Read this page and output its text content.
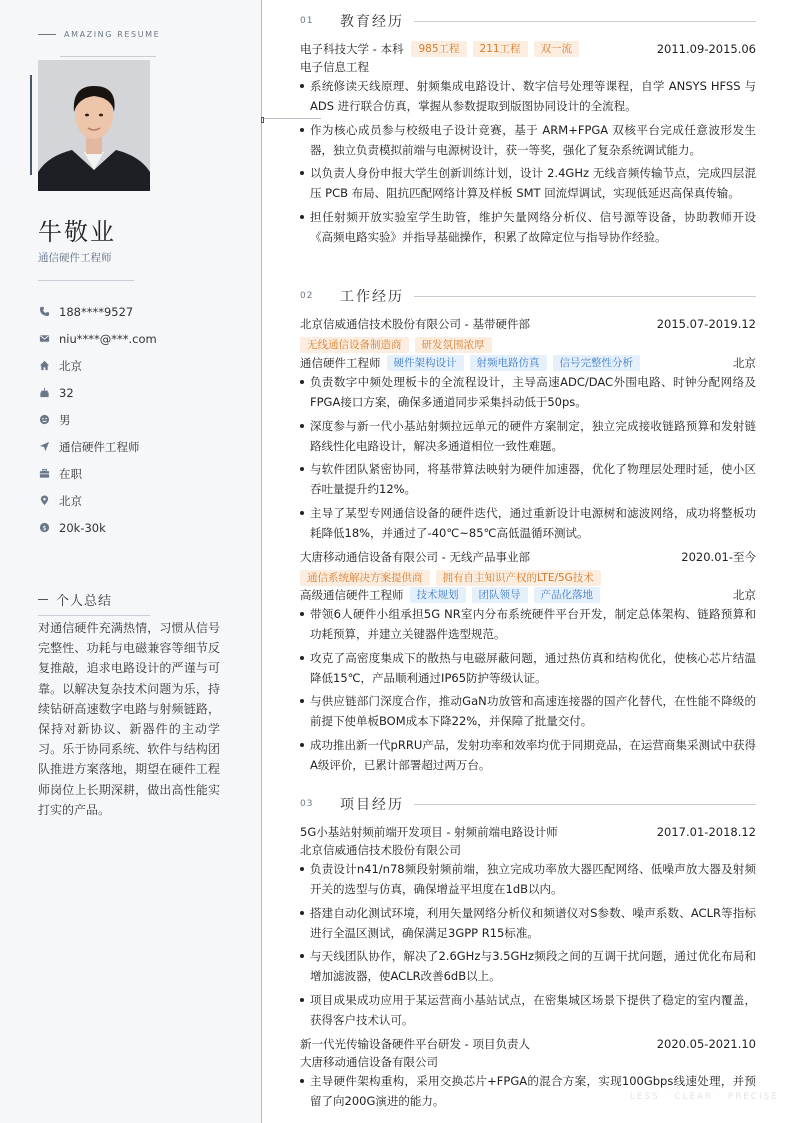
AMAZING RESUME
牛敬业
通信硬件工程师
188****9527
niu****@***.com
北京
32
男
通信硬件工程师
在职
北京
$ 20k-30k
个人总结
对通信硬件充满热情，习惯从信号完整性、功耗与电磁兼容等细节反复推敲，追求电路设计的严谨与可靠。以解决复杂技术问题为乐，持续钻研高速数字电路与射频链路，保持对新协议、新器件的主动学习。乐于协同系统、软件与结构团队推进方案落地，期望在硬件工程师岗位上长期深耕，做出高性能实打实的产品。
01	教育经历
电子科技大学 - 本科	985工程	211工程	双一流	2011.09-2015.06
电子信息工程
系统修读天线原理、射频集成电路设计、数字信号处理等课程，自学 ANSYS HFSS 与 ADS 进行联合仿真，掌握从参数提取到版图协同设计的全流程。
作为核心成员参与校级电子设计竞赛，基于 ARM+FPGA 双核平台完成任意波形发生器，独立负责模拟前端与电源树设计，获一等奖，强化了复杂系统调试能力。
以负责人身份申报大学生创新训练计划，设计 2.4GHz 无线音频传输节点，完成四层混压 PCB 布局、阻抗匹配网络计算及样板 SMT 回流焊调试，实现低延迟高保真传输。
担任射频开放实验室学生助管，维护矢量网络分析仪、信号源等设备，协助教师开设《高频电路实验》并指导基础操作，积累了故障定位与指导协作经验。
02	工作经历
北京信威通信技术股份有限公司 - 基带硬件部	2015.07-2019.12
无线通信设备制造商	研发氛围浓厚
通信硬件工程师	硬件架构设计	射频电路仿真	信号完整性分析	北京
负责数字中频处理板卡的全流程设计，主导高速ADC/DAC外围电路、时钟分配网络及FPGA接口方案，确保多通道同步采集抖动低于50ps。
深度参与新一代小基站射频拉远单元的硬件方案制定，独立完成接收链路预算和发射链路线性化电路设计，解决多通道相位一致性难题。
与软件团队紧密协同，将基带算法映射为硬件加速器，优化了物理层处理时延，使小区吞吐量提升约12%。
主导了某型专网通信设备的硬件迭代，通过重新设计电源树和滤波网络，成功将整板功耗降低18%，并通过了-40℃~85℃高低温循环测试。
大唐移动通信设备有限公司 - 无线产品事业部	2020.01-至今
通信系统解决方案提供商	拥有自主知识产权的LTE/5G技术
高级通信硬件工程师	技术规划	团队领导	产品化落地	北京
带领6人硬件小组承担5G NR室内分布系统硬件平台开发，制定总体架构、链路预算和功耗预算，并建立关键器件选型规范。
攻克了高密度集成下的散热与电磁屏蔽问题，通过热仿真和结构优化，使核心芯片结温降低15℃，产品顺利通过IP65防护等级认证。
与供应链部门深度合作，推动GaN功放管和高速连接器的国产化替代，在性能不降级的前提下使单板BOM成本下降22%，并保障了批量交付。
成功推出新一代pRRU产品，发射功率和效率均优于同期竞品，在运营商集采测试中获得A级评价，已累计部署超过两万台。
03	项目经历
5G小基站射频前端开发项目 - 射频前端电路设计师	2017.01-2018.12
北京信威通信技术股份有限公司
负责设计n41/n78频段射频前端，独立完成功率放大器匹配网络、低噪声放大器及射频开关的选型与仿真，确保增益平坦度在1dB以内。
搭建自动化测试环境，利用矢量网络分析仪和频谱仪对S参数、噪声系数、ACLR等指标进行全温区测试，确保满足3GPP R15标准。
与天线团队协作，解决了2.6GHz与3.5GHz频段之间的互调干扰问题，通过优化布局和增加滤波器，使ACLR改善6dB以上。
项目成果成功应用于某运营商小基站试点，在密集城区场景下提供了稳定的室内覆盖，获得客户技术认可。
新一代光传输设备硬件平台研发 - 项目负责人	2020.05-2021.10
大唐移动通信设备有限公司
主导硬件架构重构，采用交换芯片+FPGA的混合方案，实现100Gbps线速处理，并预留了向200G演进的能力。	LESS · CLEAR · PRECISE
